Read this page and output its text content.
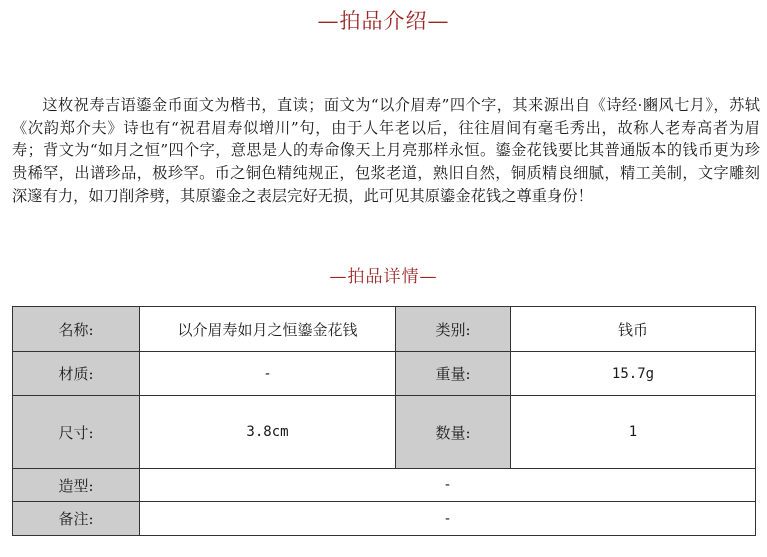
—拍品介绍—

这枚祝寿吉语鎏金币面文为楷书，直读；面文为“以介眉寿”四个字，其来源出自《诗经·豳风七月》，苏轼《次韵郑介夫》诗也有“祝君眉寿似增川”句，由于人年老以后，往往眉间有毫毛秀出，故称人老寿高者为眉寿；背文为“如月之恒”四个字，意思是人的寿命像天上月亮那样永恒。鎏金花钱要比其普通版本的钱币更为珍贵稀罕，出谱珍品，极珍罕。币之铜色精纯规正，包浆老道，熟旧自然，铜质精良细腻，精工美制，文字雕刻深邃有力，如刀削斧劈，其原鎏金之表层完好无损，此可见其原鎏金花钱之尊重身份！

—拍品详情—
名称:	以介眉寿如月之恒鎏金花钱	类别:	钱币
材质:	-	重量:	15.7g
尺寸:	3.8cm	数量:	1
造型:	-		
备注:	-		
